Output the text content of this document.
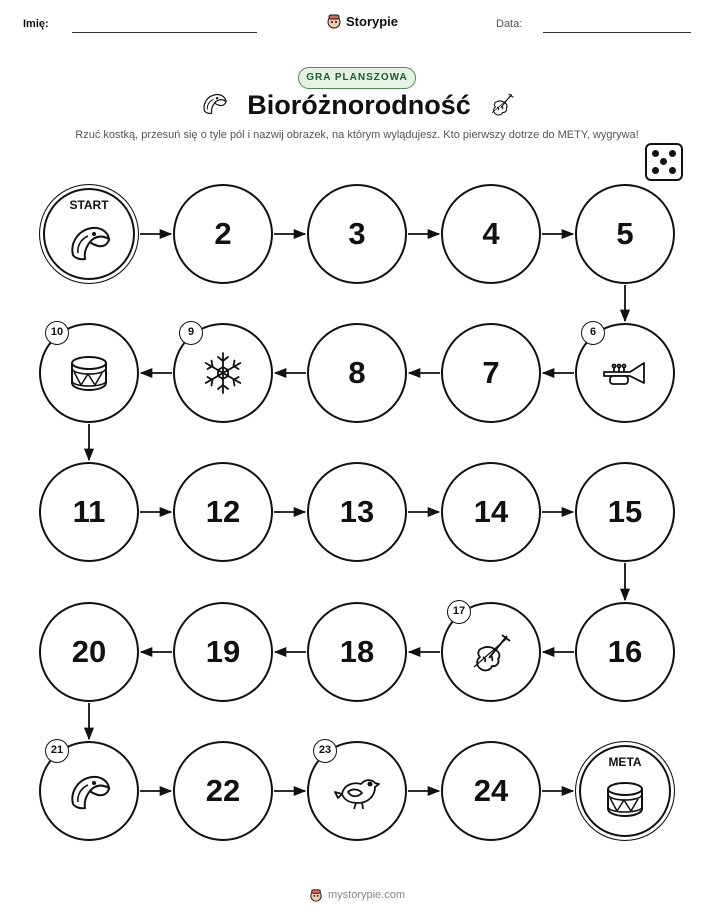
Imię:	Storypie	Data:
GRA PLANSZOWA
Bioróżnorodność
Rzuć kostką, przesuń się o tyle pól i nazwij obrazek, na którym wylądujesz. Kto pierwszy dotrze do METY, wygrywa!
START
2	3	4	5
6
7
8
9
10
11	12	13	14	15
16
17
18
19
20
21
22
23
24
META
mystorypie.com
